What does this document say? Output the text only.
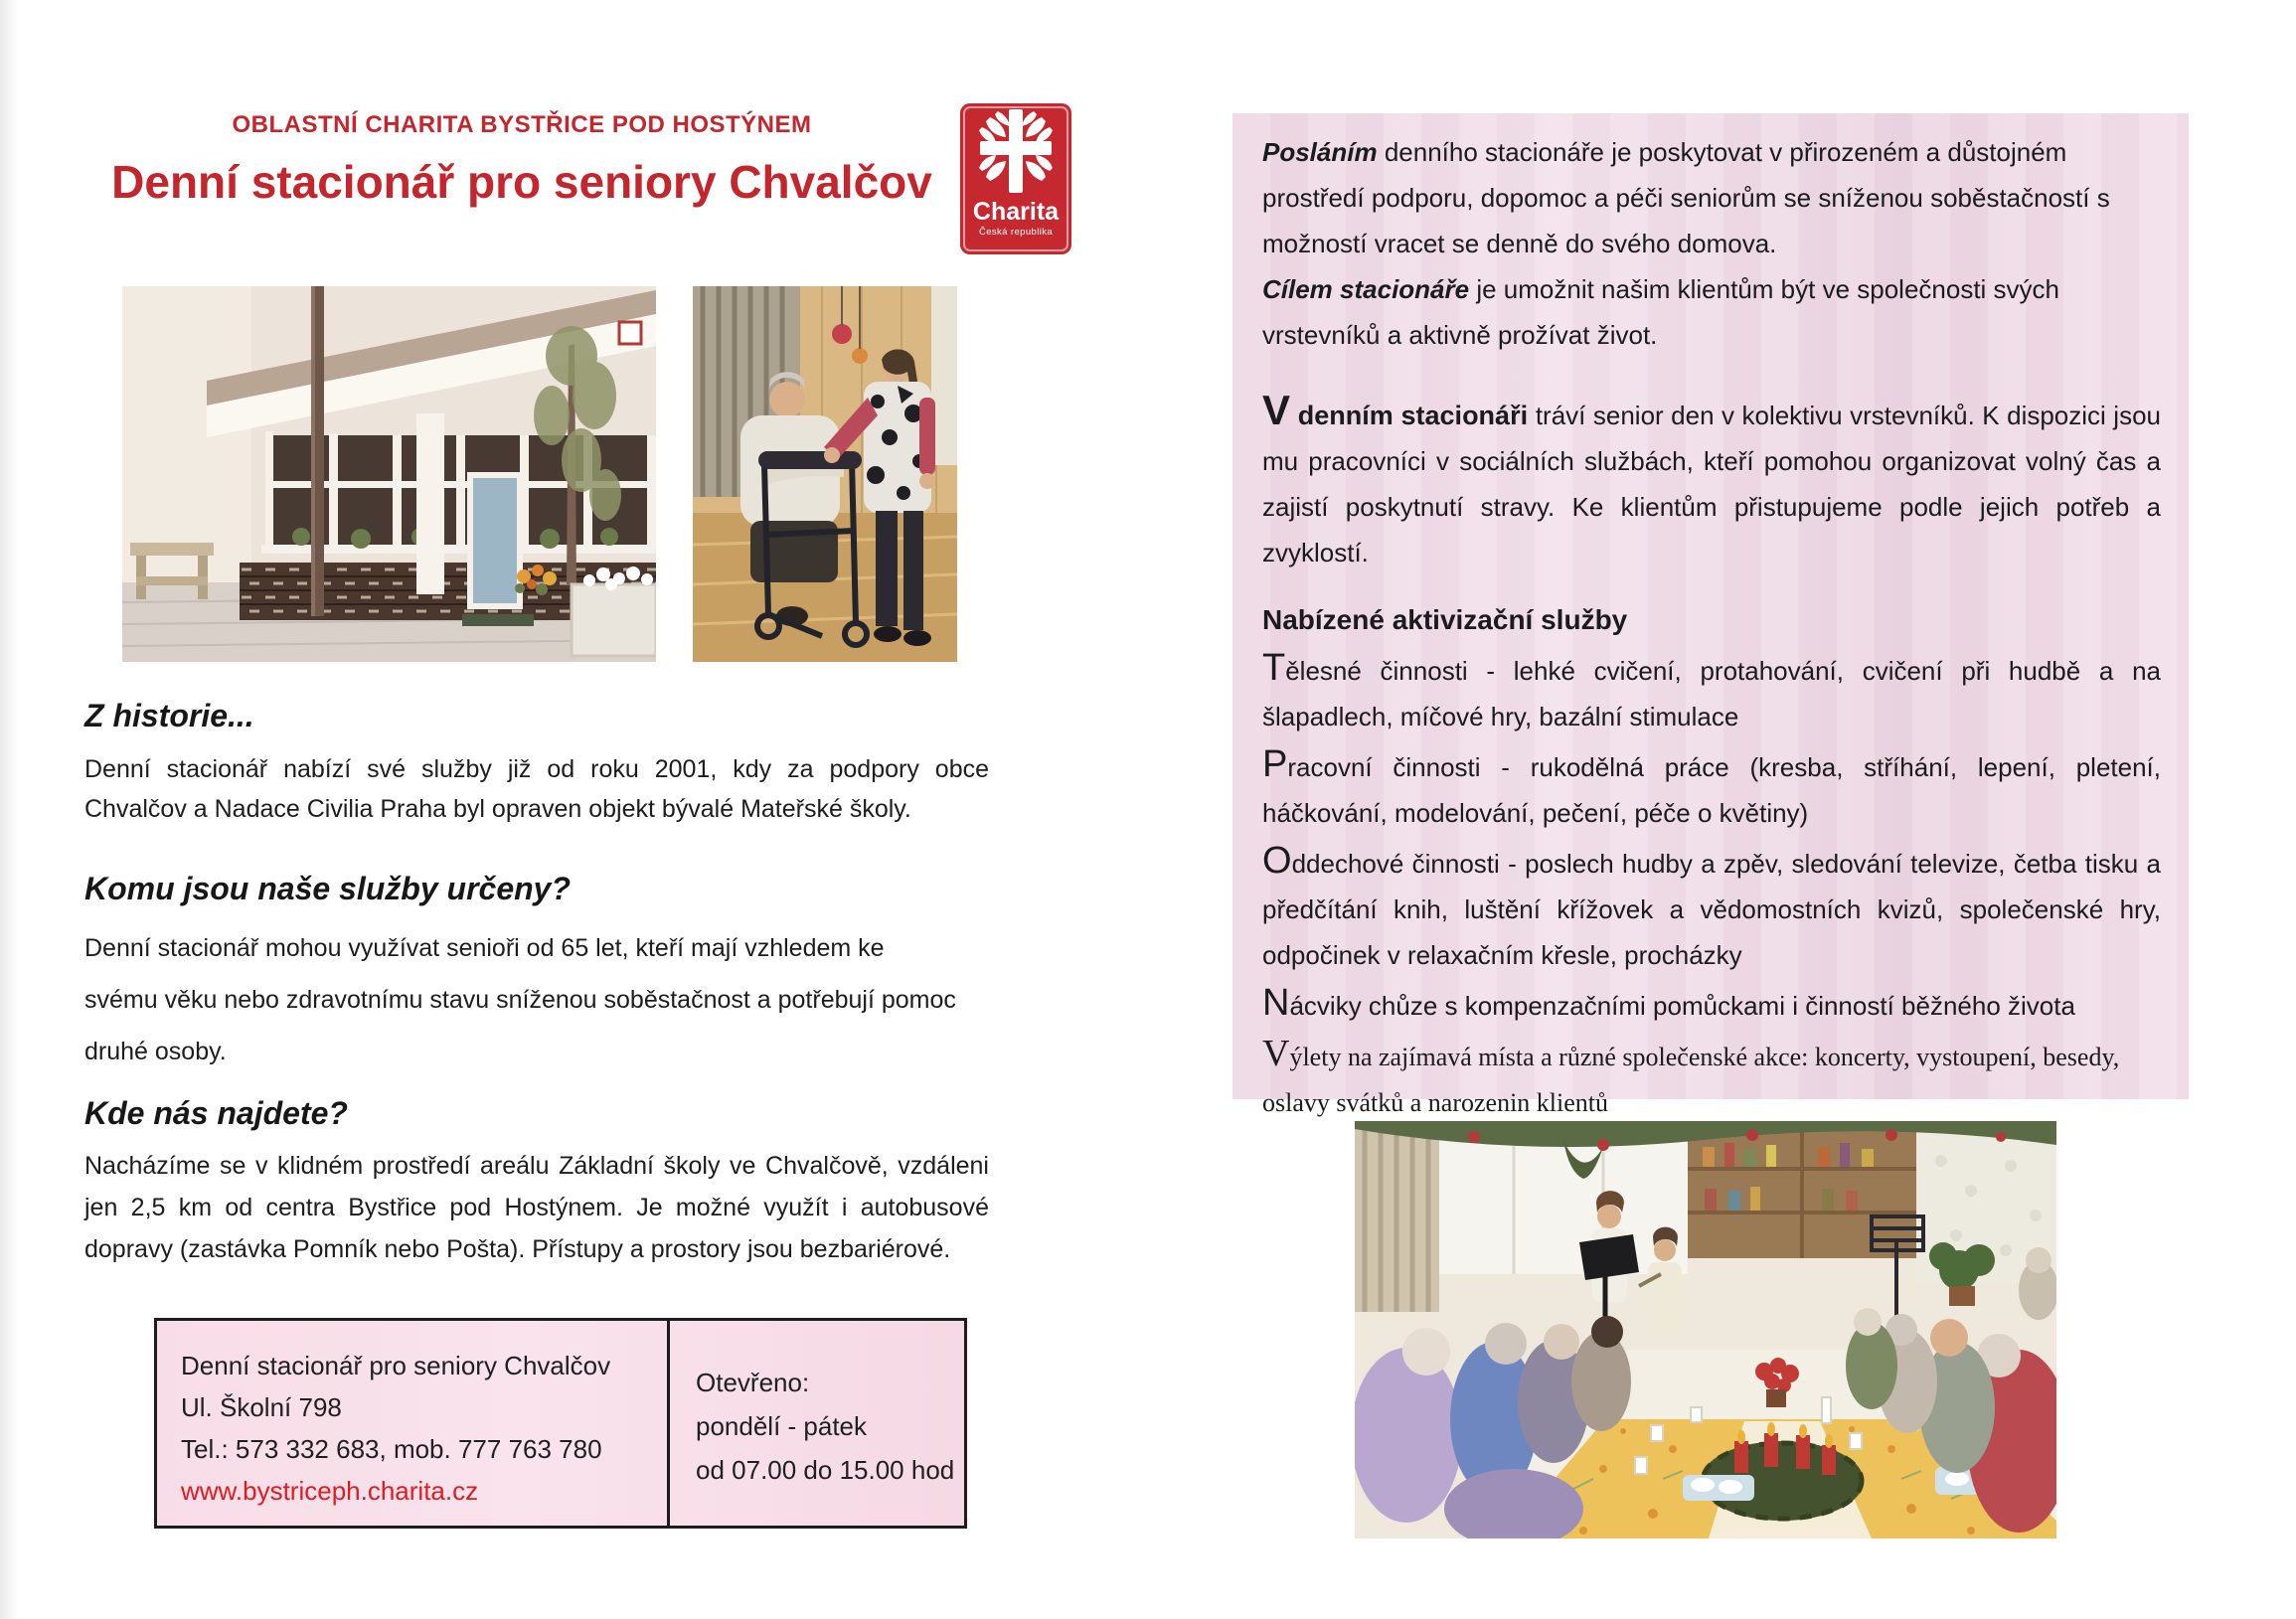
OBLASTNÍ CHARITA BYSTŘICE POD HOSTÝNEM
Denní stacionář pro seniory Chvalčov
Charita
Česká republika
Z historie...
Denní stacionář nabízí své služby již od roku 2001, kdy za podpory obce Chvalčov a Nadace Civilia Praha byl opraven objekt bývalé Mateřské školy.
Komu jsou naše služby určeny?
Denní stacionář mohou využívat senioři od 65 let, kteří mají vzhledem ke svému věku nebo zdravotnímu stavu sníženou soběstačnost a potřebují pomoc druhé osoby.
Kde nás najdete?
Nacházíme se v klidném prostředí areálu Základní školy ve Chvalčově, vzdáleni jen 2,5 km od centra Bystřice pod Hostýnem. Je možné využít i autobusové dopravy (zastávka Pomník nebo Pošta). Přístupy a prostory jsou bezbariérové.
Denní stacionář pro seniory Chvalčov
Ul. Školní 798
Tel.: 573 332 683, mob. 777 763 780
www.bystriceph.charita.cz
Otevřeno:
pondělí - pátek
od 07.00 do 15.00 hod

Posláním denního stacionáře je poskytovat v přirozeném a důstojném prostředí podporu, dopomoc a péči seniorům se sníženou soběstačností s možností vracet se denně do svého domova.

Cílem stacionáře je umožnit našim klientům být ve společnosti svých vrstevníků a aktivně prožívat život.

V denním stacionáři tráví senior den v kolektivu vrstevníků. K dispozici jsou mu pracovníci v sociálních službách, kteří pomohou organizovat volný čas a zajistí poskytnutí stravy. Ke klientům přistupujeme podle jejich potřeb a zvyklostí.

Nabízené aktivizační služby

Tělesné činnosti - lehké cvičení, protahování, cvičení při hudbě a na šlapadlech, míčové hry, bazální stimulace

Pracovní činnosti - rukodělná práce (kresba, stříhání, lepení, pletení, háčkování, modelování, pečení, péče o květiny)

Oddechové činnosti - poslech hudby a zpěv, sledování televize, četba tisku a předčítání knih, luštění křížovek a vědomostních kvizů, společenské hry, odpočinek v relaxačním křesle, procházky

Nácviky chůze s kompenzačními pomůckami i činností běžného života

Výlety na zajímavá místa a různé společenské akce: koncerty, vystoupení, besedy, oslavy svátků a narozenin klientů
